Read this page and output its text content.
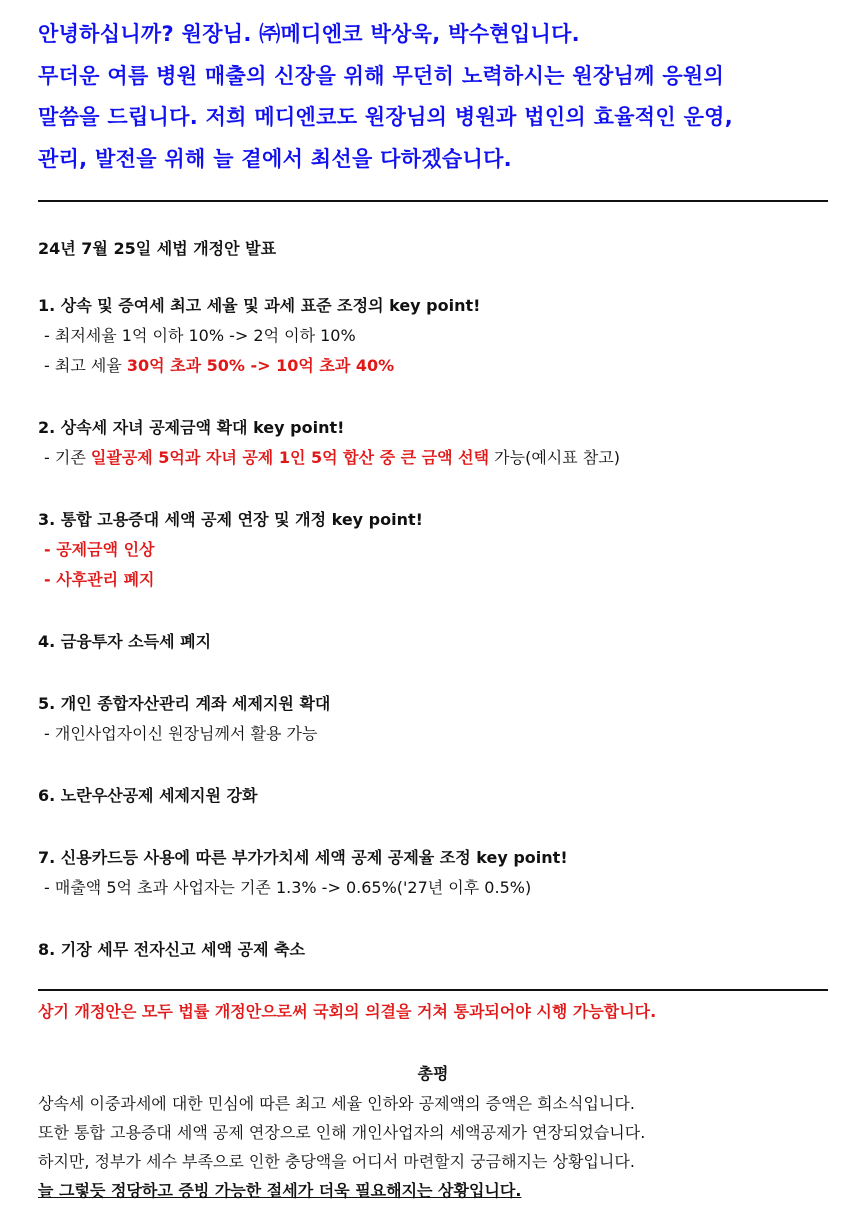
안녕하십니까? 원장님. ㈜메디엔코 박상욱, 박수현입니다.
무더운 여름 병원 매출의 신장을 위해 무던히 노력하시는 원장님께 응원의
말씀을 드립니다. 저희 메디엔코도 원장님의 병원과 법인의 효율적인 운영,
관리, 발전을 위해 늘 곁에서 최선을 다하겠습니다.
24년 7월 25일 세법 개정안 발표
1. 상속 및 증여세 최고 세율 및 과세 표준 조정의 key point!
- 최저세율 1억 이하 10% -> 2억 이하 10%
- 최고 세율 30억 초과 50% -> 10억 초과 40%
2. 상속세 자녀 공제금액 확대 key point!
- 기존 일괄공제 5억과 자녀 공제 1인 5억 합산 중 큰 금액 선택 가능(예시표 참고)
3. 통합 고용증대 세액 공제 연장 및 개정 key point!
- 공제금액 인상
- 사후관리 폐지
4. 금융투자 소득세 폐지
5. 개인 종합자산관리 계좌 세제지원 확대
- 개인사업자이신 원장님께서 활용 가능
6. 노란우산공제 세제지원 강화
7. 신용카드등 사용에 따른 부가가치세 세액 공제 공제율 조정 key point!
- 매출액 5억 초과 사업자는 기존 1.3% -> 0.65%('27년 이후 0.5%)
8. 기장 세무 전자신고 세액 공제 축소
상기 개정안은 모두 법률 개정안으로써 국회의 의결을 거쳐 통과되어야 시행 가능합니다.
총평
상속세 이중과세에 대한 민심에 따른 최고 세율 인하와 공제액의 증액은 희소식입니다.
또한 통합 고용증대 세액 공제 연장으로 인해 개인사업자의 세액공제가 연장되었습니다.
하지만, 정부가 세수 부족으로 인한 충당액을 어디서 마련할지 궁금해지는 상황입니다.
늘 그렇듯 정당하고 증빙 가능한 절세가 더욱 필요해지는 상황입니다.
